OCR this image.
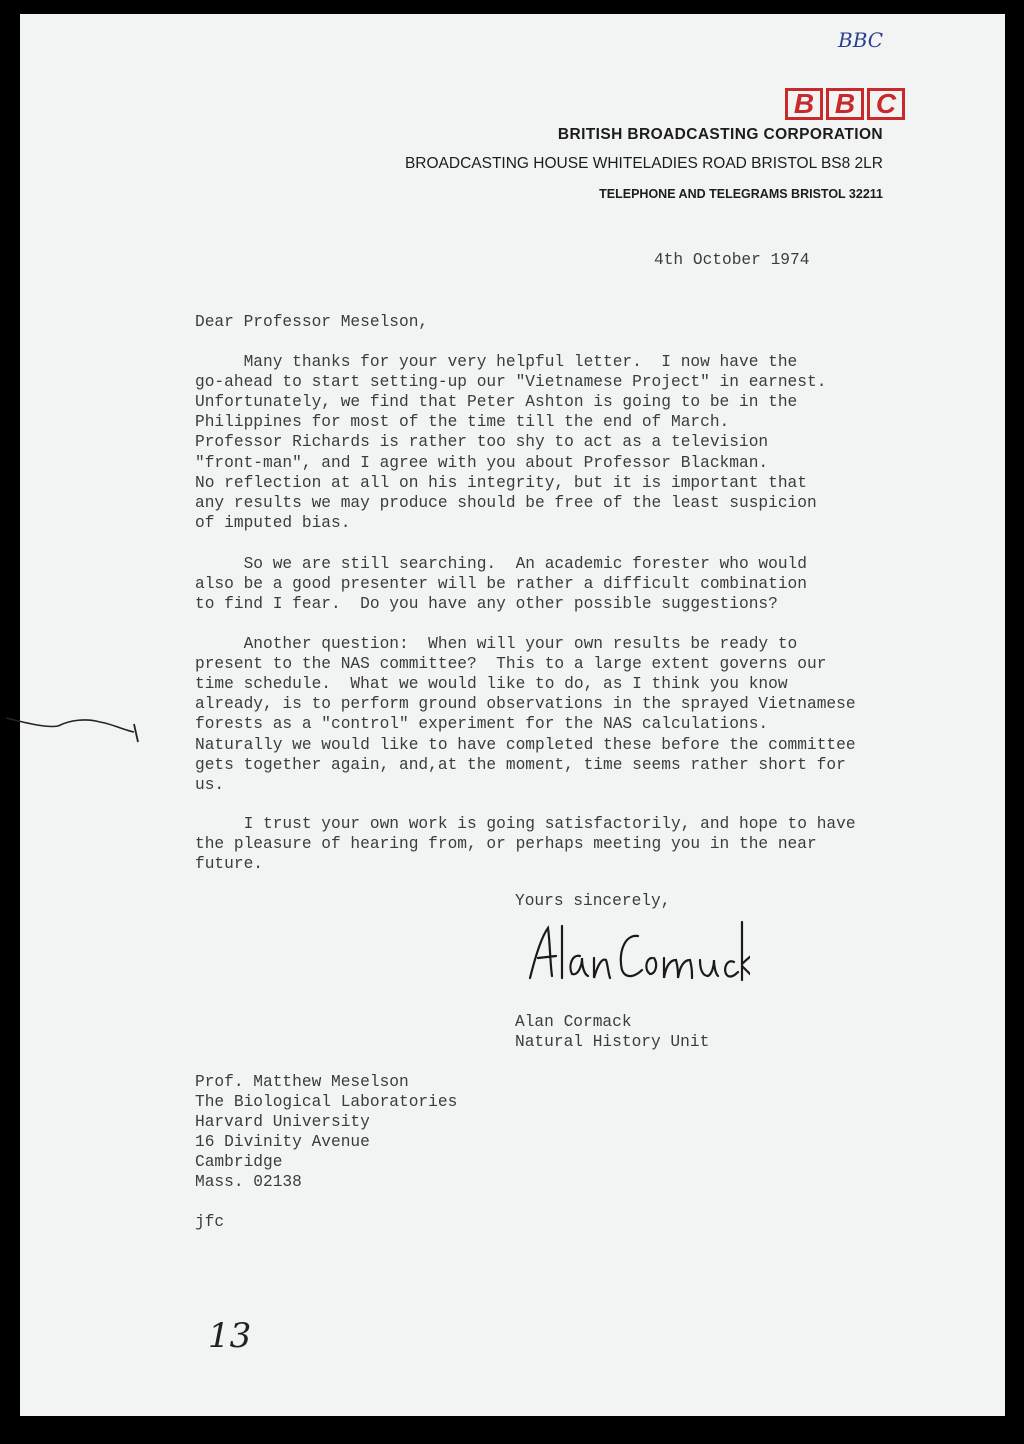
BBC
B B C
BRITISH BROADCASTING CORPORATION
BROADCASTING HOUSE WHITELADIES ROAD BRISTOL BS8 2LR
TELEPHONE AND TELEGRAMS BRISTOL 32211
4th October 1974
Dear Professor Meselson,
Many thanks for your very helpful letter.  I now have the
go-ahead to start setting-up our "Vietnamese Project" in earnest.
Unfortunately, we find that Peter Ashton is going to be in the
Philippines for most of the time till the end of March.
Professor Richards is rather too shy to act as a television
"front-man", and I agree with you about Professor Blackman.
No reflection at all on his integrity, but it is important that
any results we may produce should be free of the least suspicion
of imputed bias.
So we are still searching.  An academic forester who would
also be a good presenter will be rather a difficult combination
to find I fear.  Do you have any other possible suggestions?
Another question:  When will your own results be ready to
present to the NAS committee?  This to a large extent governs our
time schedule.  What we would like to do, as I think you know
already, is to perform ground observations in the sprayed Vietnamese
forests as a "control" experiment for the NAS calculations.
Naturally we would like to have completed these before the committee
gets together again, and,at the moment, time seems rather short for
us.
I trust your own work is going satisfactorily, and hope to have
the pleasure of hearing from, or perhaps meeting you in the near
future.
Yours sincerely,
Alan Cormack
Natural History Unit
Prof. Matthew Meselson
The Biological Laboratories
Harvard University
16 Divinity Avenue
Cambridge
Mass. 02138
jfc
13
